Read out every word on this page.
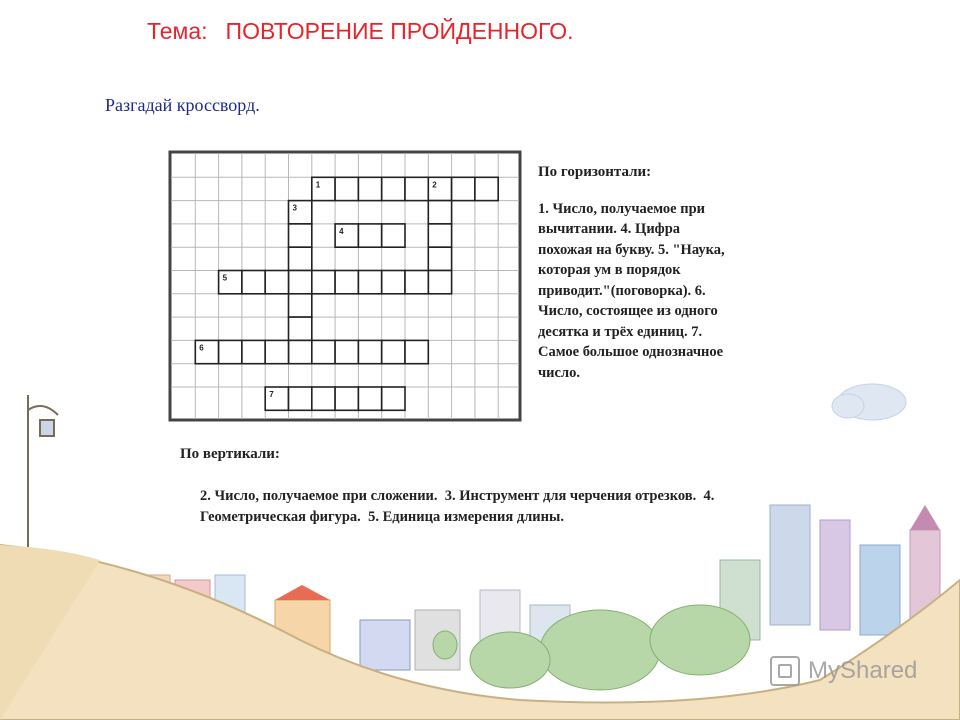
Тема: ПОВТОРЕНИЕ ПРОЙДЕННОГО.
Разгадай кроссворд.
1	2
3
4
5
6
7
По горизонтали:
1. Число, получаемое при вычитании. 4. Цифра похожая на букву. 5. "Наука, которая ум в порядок приводит."(поговорка). 6. Число, состоящее из одного десятка и трёх единиц. 7. Самое большое однозначное число.
По вертикали:
2. Число, получаемое при сложении. 3. Инструмент для черчения отрезков. 4. Геометрическая фигура. 5. Единица измерения длины.
MyShared
